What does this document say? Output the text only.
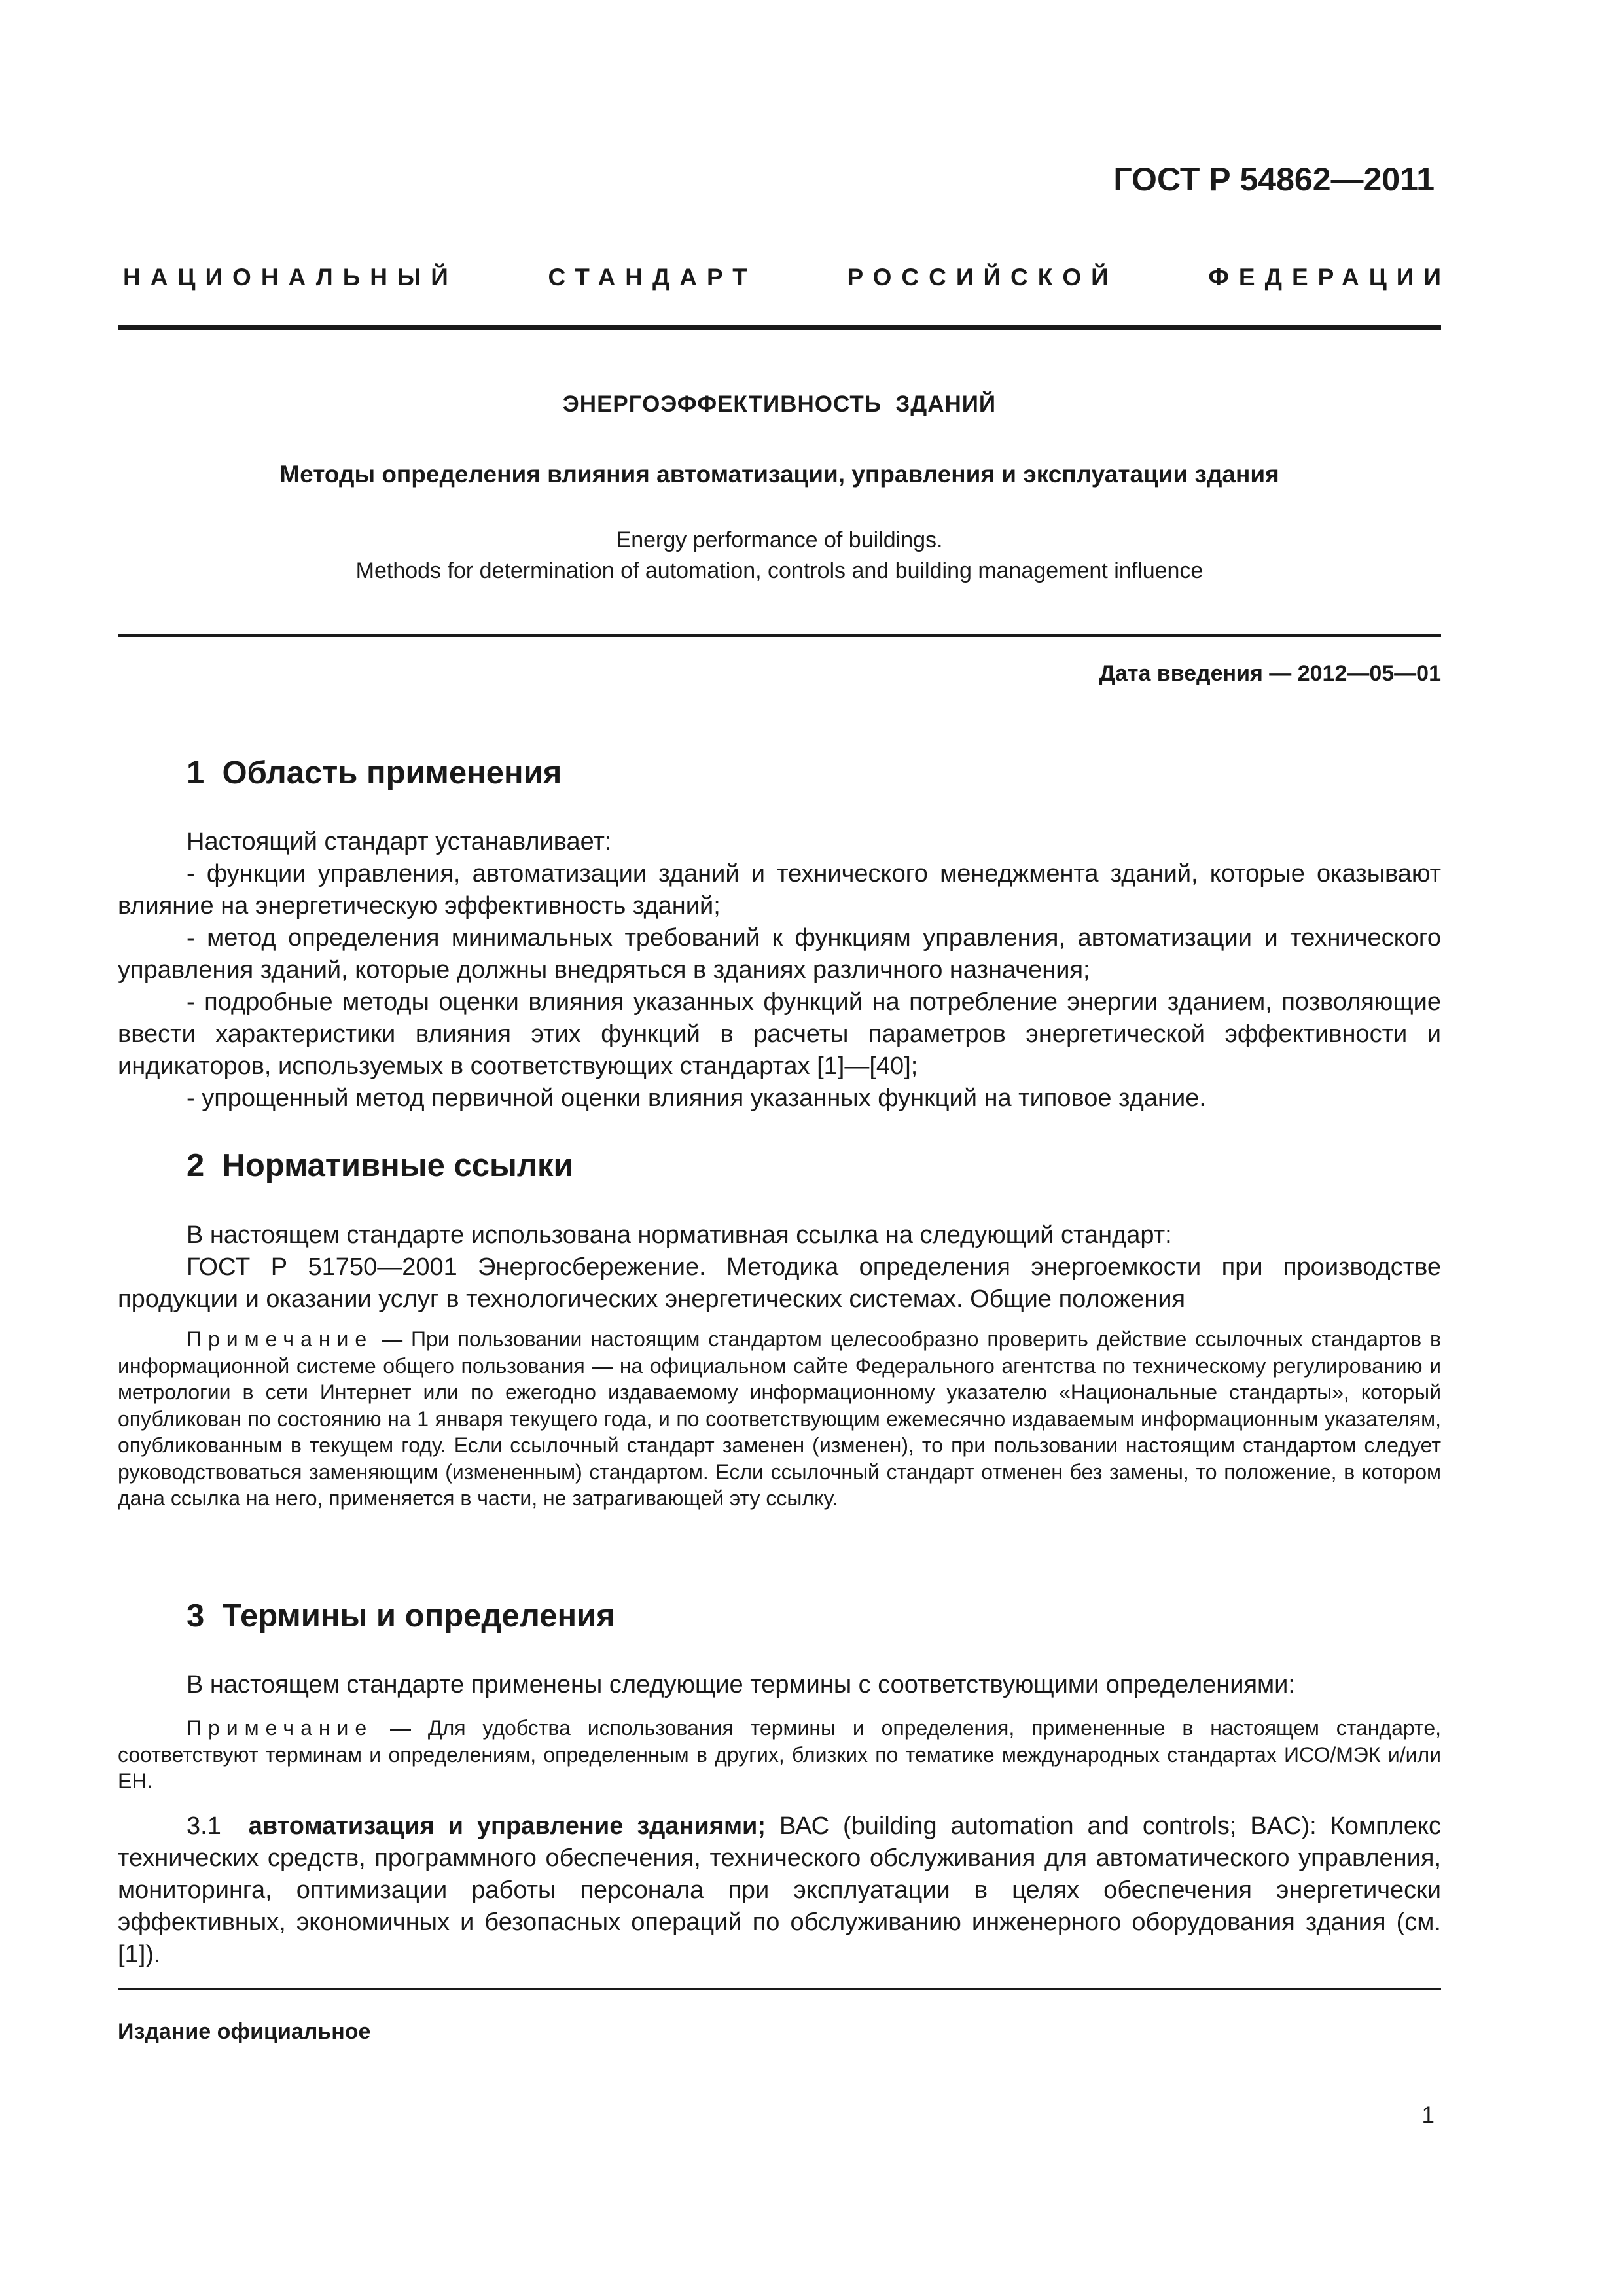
ГОСТ Р 54862—2011
НАЦИОНАЛЬНЫЙ	СТАНДАРТ	РОССИЙСКОЙ	ФЕДЕРАЦИИ
ЭНЕРГОЭФФЕКТИВНОСТЬ  ЗДАНИЙ
Методы определения влияния автоматизации, управления и эксплуатации здания
Energy performance of buildings.
Methods for determination of automation, controls and building management influence
Дата введения — 2012—05—01
1  Область применения

Настоящий стандарт устанавливает:

- функции управления, автоматизации зданий и технического менеджмента зданий, которые оказывают влияние на энергетическую эффективность зданий;

- метод определения минимальных требований к функциям управления, автоматизации и технического управления зданий, которые должны внедряться в зданиях различного назначения;

- подробные методы оценки влияния указанных функций на потребление энергии зданием, позволяющие ввести характеристики влияния этих функций в расчеты параметров энергетической эффективности и индикаторов, используемых в соответствующих стандартах [1]—[40];

- упрощенный метод первичной оценки влияния указанных функций на типовое здание.

2  Нормативные ссылки

В настоящем стандарте использована нормативная ссылка на следующий стандарт:

ГОСТ Р 51750—2001 Энергосбережение. Методика определения энергоемкости при производстве продукции и оказании услуг в технологических энергетических системах. Общие положения

Примечание — При пользовании настоящим стандартом целесообразно проверить действие ссылочных стандартов в информационной системе общего пользования — на официальном сайте Федерального агентства по техническому регулированию и метрологии в сети Интернет или по ежегодно издаваемому информационному указателю «Национальные стандарты», который опубликован по состоянию на 1 января текущего года, и по соответствующим ежемесячно издаваемым информационным указателям, опубликованным в текущем году. Если ссылочный стандарт заменен (изменен), то при пользовании настоящим стандартом следует руководствоваться заменяющим (измененным) стандартом. Если ссылочный стандарт отменен без замены, то положение, в котором дана ссылка на него, применяется в части, не затрагивающей эту ссылку.

3  Термины и определения

В настоящем стандарте применены следующие термины с соответствующими определениями:

Примечание — Для удобства использования термины и определения, примененные в настоящем стандарте, соответствуют терминам и определениям, определенным в других, близких по тематике международных стандартах ИСО/МЭК и/или ЕН.

3.1  автоматизация и управление зданиями; ВАС (building automation and controls; BAC): Комплекс технических средств, программного обеспечения, технического обслуживания для автоматического управления, мониторинга, оптимизации работы персонала при эксплуатации в целях обеспечения энергетически эффективных, экономичных и безопасных операций по обслуживанию инженерного оборудования здания (см. [1]).

Издание официальное
1
